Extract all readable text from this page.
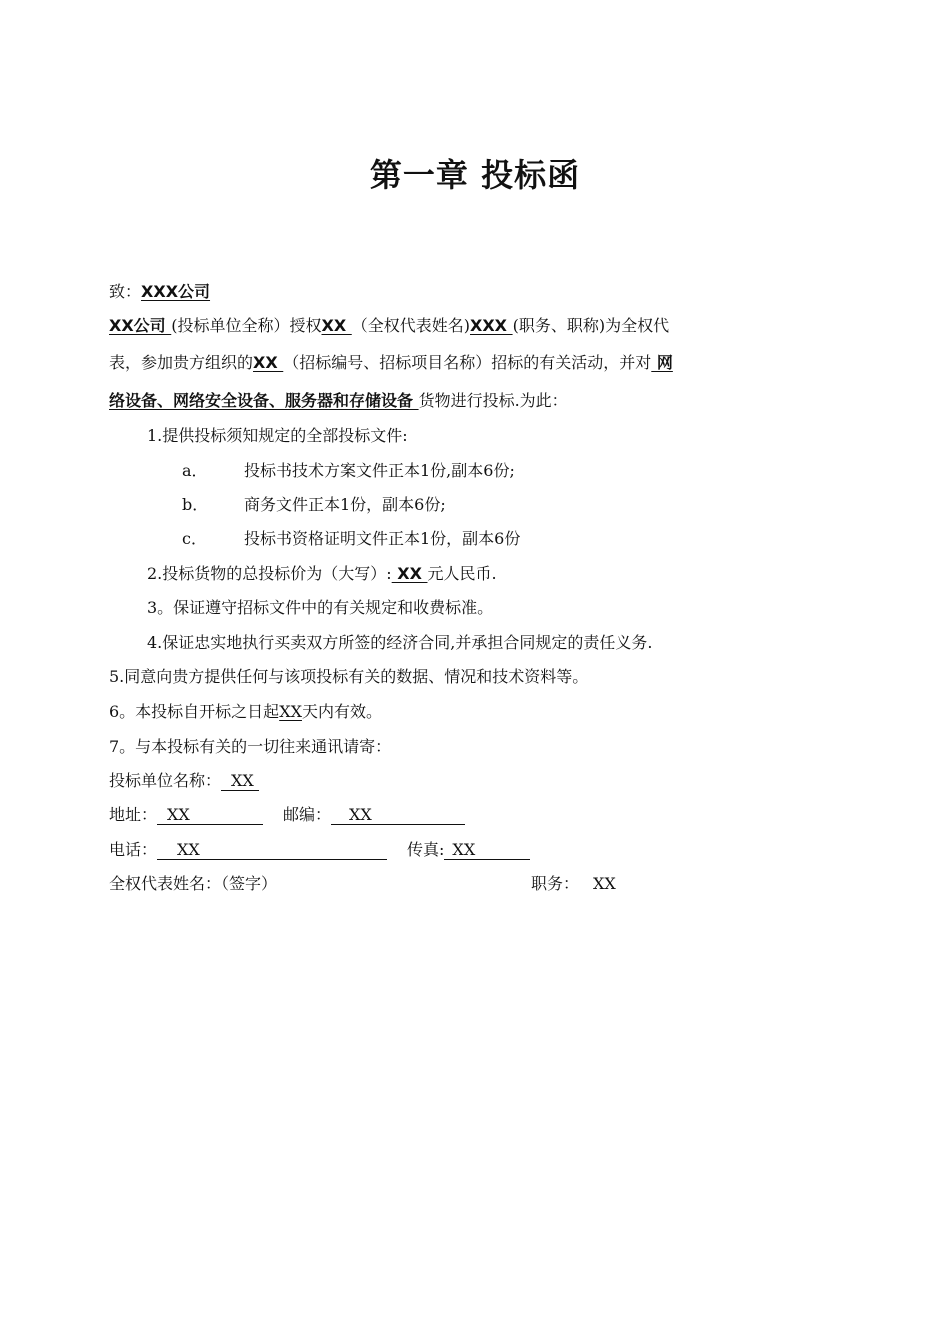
第一章 投标函
致：XXX公司
XX公司 (投标单位全称）授权XX （全权代表姓名)XXX (职务、职称)为全权代
表，参加贵方组织的XX （招标编号、招标项目名称）招标的有关活动，并对 网
络设备、网络安全设备、服务器和存储设备 货物进行投标.为此：
1.提供投标须知规定的全部投标文件:
a． 投标书技术方案文件正本1份,副本6份;
b． 商务文件正本1份，副本6份;
c． 投标书资格证明文件正本1份，副本6份
2.投标货物的总投标价为（大写）: XX 元人民币.
3。保证遵守招标文件中的有关规定和收费标准。
4.保证忠实地执行买卖双方所签的经济合同,并承担合同规定的责任义务.
5.同意向贵方提供任何与该项投标有关的数据、情况和技术资料等。
6。本投标自开标之日起XX天内有效。
7。与本投标有关的一切往来通讯请寄：
投标单位名称： XX
地址： XX	邮编： XX
电话： XX	传真: XX
全权代表姓名：（签字）	职务： XX
